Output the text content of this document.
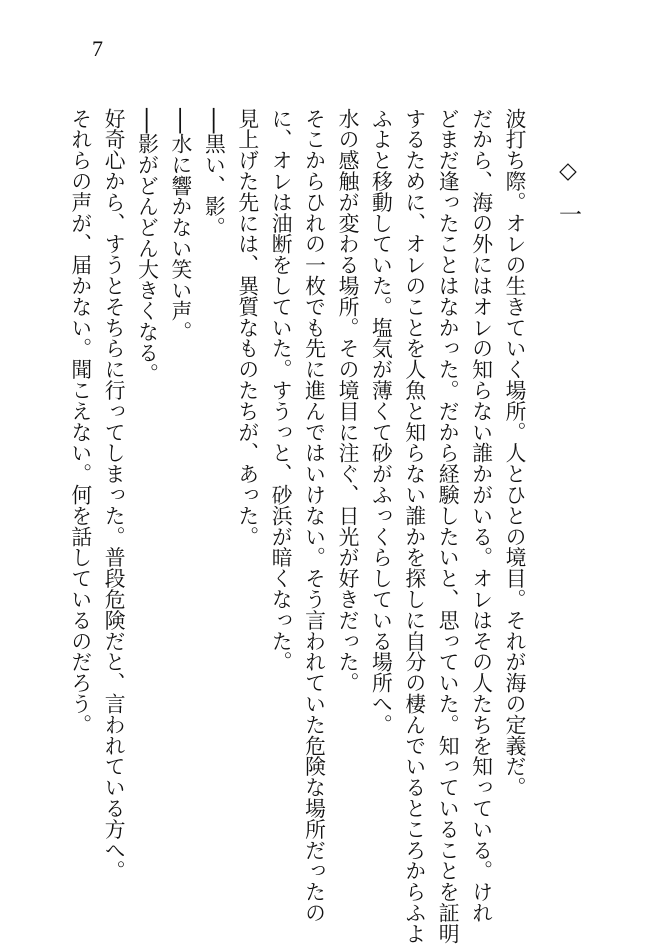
7
◇一
波打ち際。オレの生きていく場所。人とひとの境目。それが海の定義だ。
だから、海の外にはオレの知らない誰かがいる。オレはその人たちを知っている。けれ
どまだ逢ったことはなかった。だから経験したいと、思っていた。知っていることを証明
するために、オレのことを人魚と知らない誰かを探しに自分の棲んでいるところからふよ
ふよと移動していた。塩気が薄くて砂がふっくらしている場所へ。
水の感触が変わる場所。その境目に注ぐ、日光が好きだった。
そこからひれの一枚でも先に進んではいけない。そう言われていた危険な場所だったの
に、オレは油断をしていた。すうっと、砂浜が暗くなった。
見上げた先には、異質なものたちが、あった。
──黒い、影。
──水に響かない笑い声。
──影がどんどん大きくなる。
好奇心から、すうとそちらに行ってしまった。普段危険だと、言われている方へ。
それらの声が、届かない。聞こえない。何を話しているのだろう。
